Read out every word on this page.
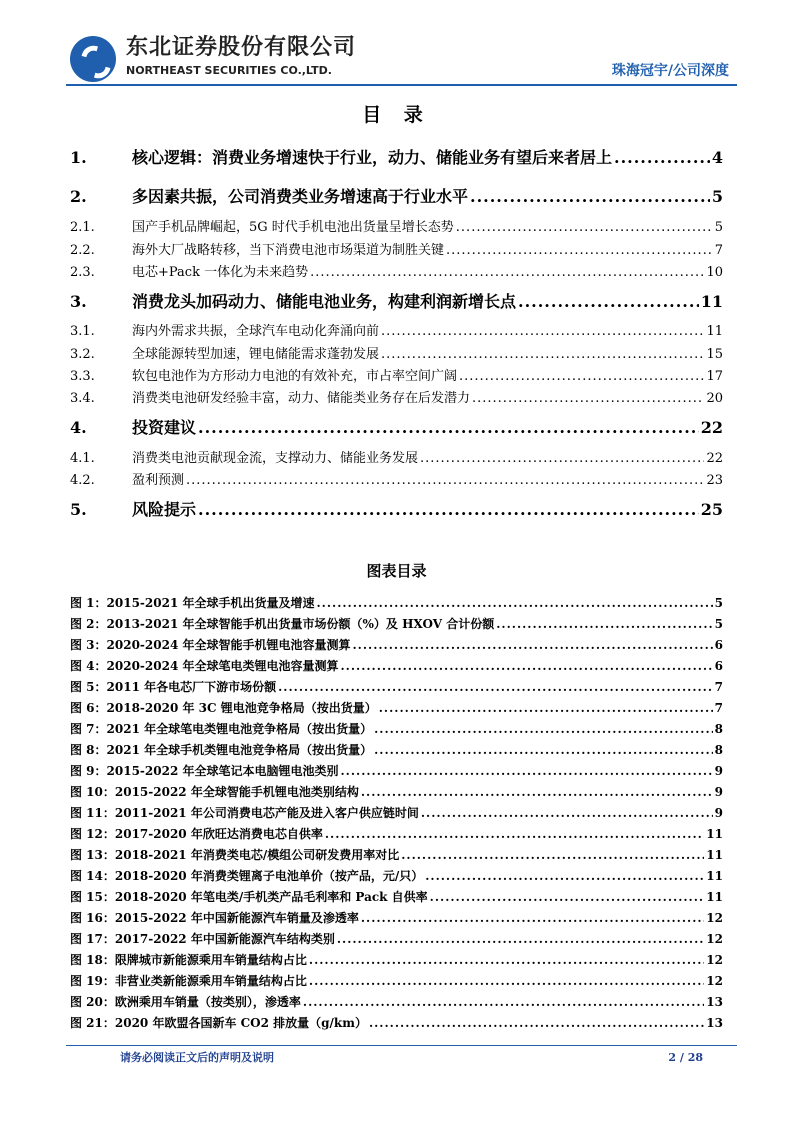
东北证券股份有限公司
NORTHEAST SECURITIES CO.,LTD.	珠海冠宇/公司深度
目 录
1.	核心逻辑：消费业务增速快于行业，动力、储能业务有望后来者居上 .....	4
2.	多因素共振，公司消费类业务增速高于行业水平 .....	5
2.1.	国产手机品牌崛起，5G 时代手机电池出货量呈增长态势 .....	5
2.2.	海外大厂战略转移，当下消费电池市场渠道为制胜关键 .....	7
2.3.	电芯+Pack 一体化为未来趋势 .....	10
3.	消费龙头加码动力、储能电池业务，构建利润新增长点 .....	11
3.1.	海内外需求共振，全球汽车电动化奔涌向前 .....	11
3.2.	全球能源转型加速，锂电储能需求蓬勃发展 .....	15
3.3.	软包电池作为方形动力电池的有效补充，市占率空间广阔 .....	17
3.4.	消费类电池研发经验丰富，动力、储能类业务存在后发潜力 .....	20
4.	投资建议 .....	22
4.1.	消费类电池贡献现金流，支撑动力、储能业务发展 .....	22
4.2.	盈利预测 .....	23
5.	风险提示 .....	25
图表目录
图 1：2015-2021 年全球手机出货量及增速 .....	5
图 2：2013-2021 年全球智能手机出货量市场份额（%）及 HXOV 合计份额 .....	5
图 3：2020-2024 年全球智能手机锂电池容量测算 .....	6
图 4：2020-2024 年全球笔电类锂电池容量测算 .....	6
图 5：2011 年各电芯厂下游市场份额 .....	7
图 6：2018-2020 年 3C 锂电池竞争格局（按出货量） .....	7
图 7：2021 年全球笔电类锂电池竞争格局（按出货量） .....	8
图 8：2021 年全球手机类锂电池竞争格局（按出货量） .....	8
图 9：2015-2022 年全球笔记本电脑锂电池类别 .....	9
图 10：2015-2022 年全球智能手机锂电池类别结构 .....	9
图 11：2011-2021 年公司消费电芯产能及进入客户供应链时间 .....	9
图 12：2017-2020 年欣旺达消费电芯自供率 .....	11
图 13：2018-2021 年消费类电芯/模组公司研发费用率对比 .....	11
图 14：2018-2020 年消费类锂离子电池单价（按产品，元/只） .....	11
图 15：2018-2020 年笔电类/手机类产品毛利率和 Pack 自供率 .....	11
图 16：2015-2022 年中国新能源汽车销量及渗透率 .....	12
图 17：2017-2022 年中国新能源汽车结构类别 .....	12
图 18：限牌城市新能源乘用车销量结构占比 .....	12
图 19：非营业类新能源乘用车销量结构占比 .....	12
图 20：欧洲乘用车销量（按类别），渗透率 .....	13
图 21：2020 年欧盟各国新车 CO2 排放量（g/km） .....	13
请务必阅读正文后的声明及说明	2 / 28
